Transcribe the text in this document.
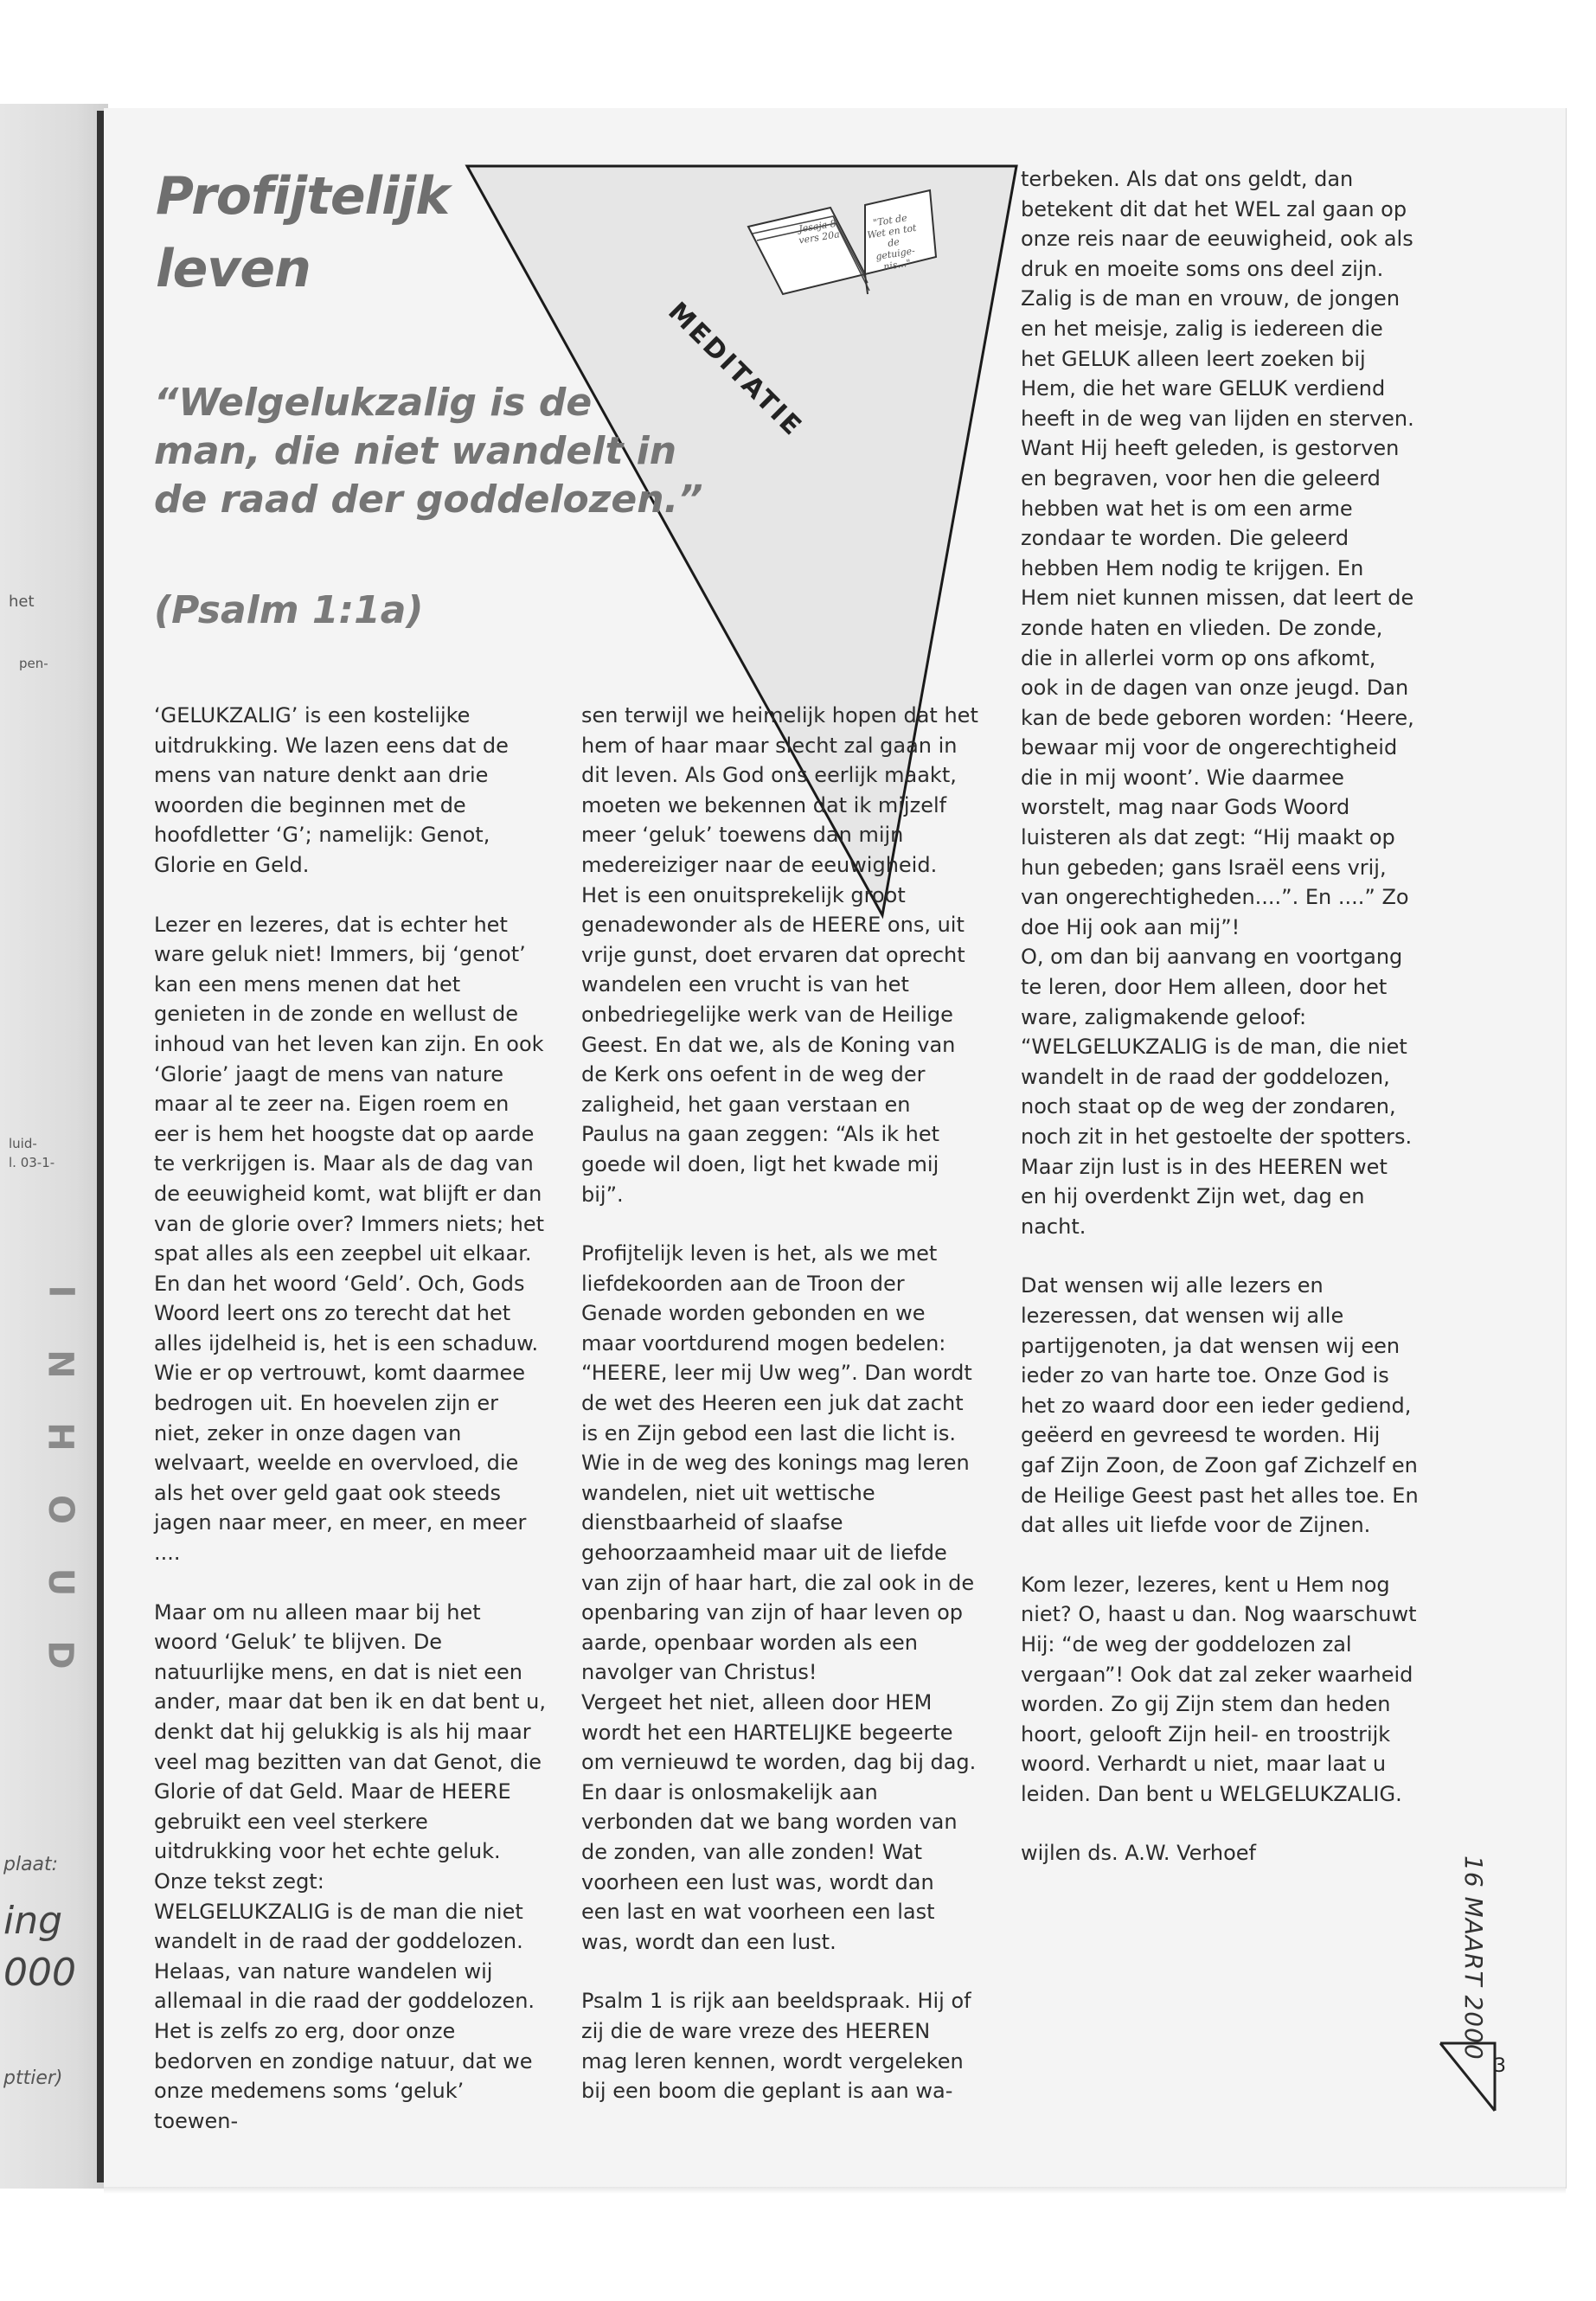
het
pen-
luid-
l. 03-1-
plaat:
ing
000
pttier)
I
N
H
O
U
D
Jesaja 8 vers 20a
"Tot de Wet en tot de getuige-nis..."
MEDITATIE
Profijtelijk
leven
“Welgelukzalig is de
man, die niet wandelt in
de raad der goddelozen.”
(Psalm 1:1a)

‘GELUKZALIG’ is een kostelijke uitdrukking. We lazen eens dat de mens van nature denkt aan drie woorden die beginnen met de hoofdletter ‘G’; namelijk: Genot, Glorie en Geld.

Lezer en lezeres, dat is echter het ware geluk niet! Immers, bij ‘genot’ kan een mens menen dat het genieten in de zonde en wellust de inhoud van het leven kan zijn. En ook ‘Glorie’ jaagt de mens van nature maar al te zeer na. Eigen roem en eer is hem het hoogste dat op aarde te verkrijgen is. Maar als de dag van de eeuwigheid komt, wat blijft er dan van de glorie over? Immers niets; het spat alles als een zeepbel uit elkaar.

En dan het woord ‘Geld’. Och, Gods Woord leert ons zo terecht dat het alles ijdelheid is, het is een schaduw. Wie er op vertrouwt, komt daarmee bedrogen uit. En hoevelen zijn er niet, zeker in onze dagen van welvaart, weelde en overvloed, die als het over geld gaat ook steeds jagen naar meer, en meer, en meer ....

Maar om nu alleen maar bij het woord ‘Geluk’ te blijven. De natuurlijke mens, en dat is niet een ander, maar dat ben ik en dat bent u, denkt dat hij gelukkig is als hij maar veel mag bezitten van dat Genot, die Glorie of dat Geld. Maar de HEERE gebruikt een veel sterkere uitdrukking voor het echte geluk. Onze tekst zegt:

WELGELUKZALIG is de man die niet wandelt in de raad der goddelozen. Helaas, van nature wandelen wij allemaal in die raad der goddelozen. Het is zelfs zo erg, door onze bedorven en zondige natuur, dat we onze medemens soms ‘geluk’ toewen-

sen terwijl we heimelijk hopen dat het hem of haar maar slecht zal gaan in dit leven. Als God ons eerlijk maakt, moeten we bekennen dat ik mijzelf meer ‘geluk’ toewens dan mijn medereiziger naar de eeuwigheid.

Het is een onuitsprekelijk groot genadewonder als de HEERE ons, uit vrije gunst, doet ervaren dat oprecht wandelen een vrucht is van het onbedriegelijke werk van de Heilige Geest. En dat we, als de Koning van de Kerk ons oefent in de weg der zaligheid, het gaan verstaan en Paulus na gaan zeggen: “Als ik het goede wil doen, ligt het kwade mij bij”.

Profijtelijk leven is het, als we met liefdekoorden aan de Troon der Genade worden gebonden en we maar voortdurend mogen bedelen: “HEERE, leer mij Uw weg”. Dan wordt de wet des Heeren een juk dat zacht is en Zijn gebod een last die licht is. Wie in de weg des konings mag leren wandelen, niet uit wettische dienstbaarheid of slaafse gehoorzaamheid maar uit de liefde van zijn of haar hart, die zal ook in de openbaring van zijn of haar leven op aarde, openbaar worden als een navolger van Christus!

Vergeet het niet, alleen door HEM wordt het een HARTELIJKE begeerte om vernieuwd te worden, dag bij dag. En daar is onlosmakelijk aan verbonden dat we bang worden van de zonden, van alle zonden! Wat voorheen een lust was, wordt dan een last en wat voorheen een last was, wordt dan een lust.

Psalm 1 is rijk aan beeldspraak. Hij of zij die de ware vreze des HEEREN mag leren kennen, wordt vergeleken bij een boom die geplant is aan wa-

terbeken. Als dat ons geldt, dan betekent dit dat het WEL zal gaan op onze reis naar de eeuwigheid, ook als druk en moeite soms ons deel zijn. Zalig is de man en vrouw, de jongen en het meisje, zalig is iedereen die het GELUK alleen leert zoeken bij Hem, die het ware GELUK verdiend heeft in de weg van lijden en sterven. Want Hij heeft geleden, is gestorven en begraven, voor hen die geleerd hebben wat het is om een arme zondaar te worden. Die geleerd hebben Hem nodig te krijgen. En Hem niet kunnen missen, dat leert de zonde haten en vlieden. De zonde, die in allerlei vorm op ons afkomt, ook in de dagen van onze jeugd. Dan kan de bede geboren worden: ‘Heere, bewaar mij voor de ongerechtigheid die in mij woont’. Wie daarmee worstelt, mag naar Gods Woord luisteren als dat zegt: “Hij maakt op hun gebeden; gans Israël eens vrij, van ongerechtigheden....”. En ....” Zo doe Hij ook aan mij”!

O, om dan bij aanvang en voortgang te leren, door Hem alleen, door het ware, zaligmakende geloof: “WELGELUKZALIG is de man, die niet wandelt in de raad der goddelozen, noch staat op de weg der zondaren, noch zit in het gestoelte der spotters. Maar zijn lust is in des HEEREN wet en hij overdenkt Zijn wet, dag en nacht.

Dat wensen wij alle lezers en lezeressen, dat wensen wij alle partijgenoten, ja dat wensen wij een ieder zo van harte toe. Onze God is het zo waard door een ieder gediend, geëerd en gevreesd te worden. Hij gaf Zijn Zoon, de Zoon gaf Zichzelf en de Heilige Geest past het alles toe. En dat alles uit liefde voor de Zijnen.

Kom lezer, lezeres, kent u Hem nog niet? O, haast u dan. Nog waarschuwt Hij: “de weg der goddelozen zal vergaan”! Ook dat zal zeker waarheid worden. Zo gij Zijn stem dan heden hoort, gelooft Zijn heil- en troostrijk woord. Verhardt u niet, maar laat u leiden. Dan bent u WELGELUKZALIG.

wijlen ds. A.W. Verhoef

16 MAART 2000
3
